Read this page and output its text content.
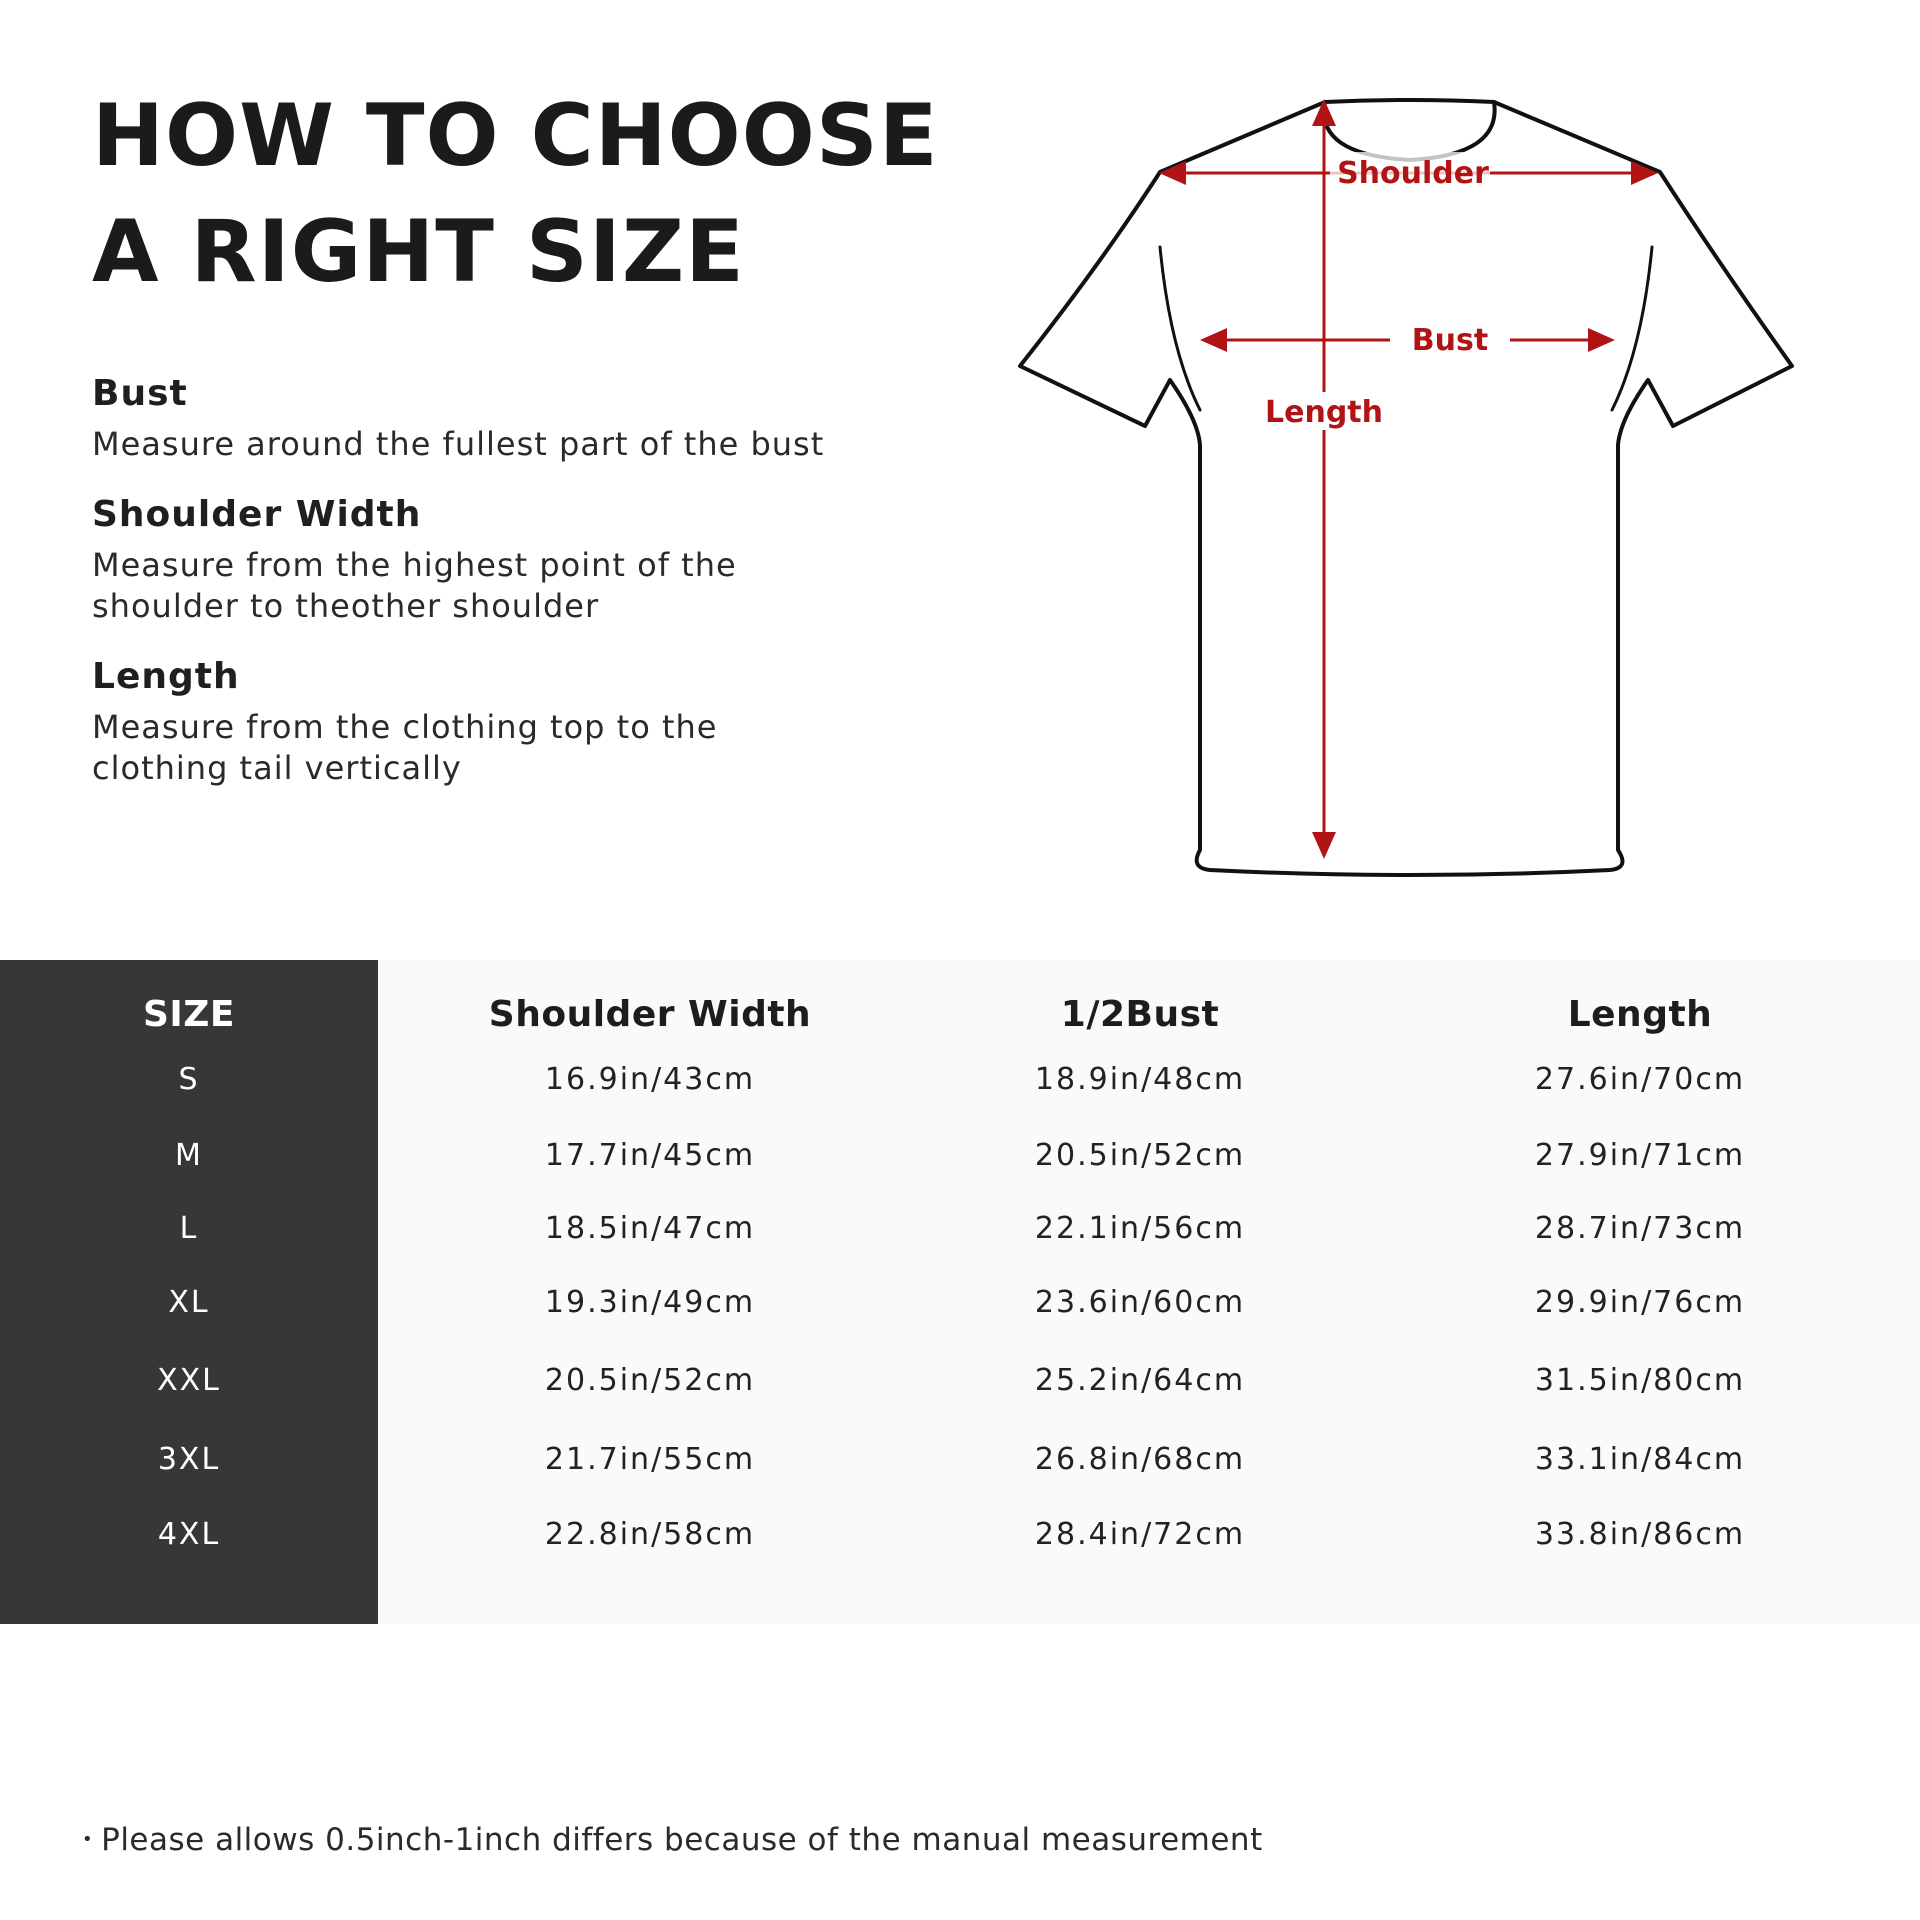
HOW TO CHOOSE
A RIGHT SIZE
Bust
Measure around the fullest part of the bust
Shoulder Width
Measure from the highest point of the
shoulder to theother shoulder
Length
Measure from the clothing top to the
clothing tail vertically
Shoulder
Bust
Length
SIZE	Shoulder Width	1/2Bust	Length
S	16.9in/43cm	18.9in/48cm	27.6in/70cm
M	17.7in/45cm	20.5in/52cm	27.9in/71cm
L	18.5in/47cm	22.1in/56cm	28.7in/73cm
XL	19.3in/49cm	23.6in/60cm	29.9in/76cm
XXL	20.5in/52cm	25.2in/64cm	31.5in/80cm
3XL	21.7in/55cm	26.8in/68cm	33.1in/84cm
4XL	22.8in/58cm	28.4in/72cm	33.8in/86cm
• Please allows 0.5inch-1inch differs because of the manual measurement
